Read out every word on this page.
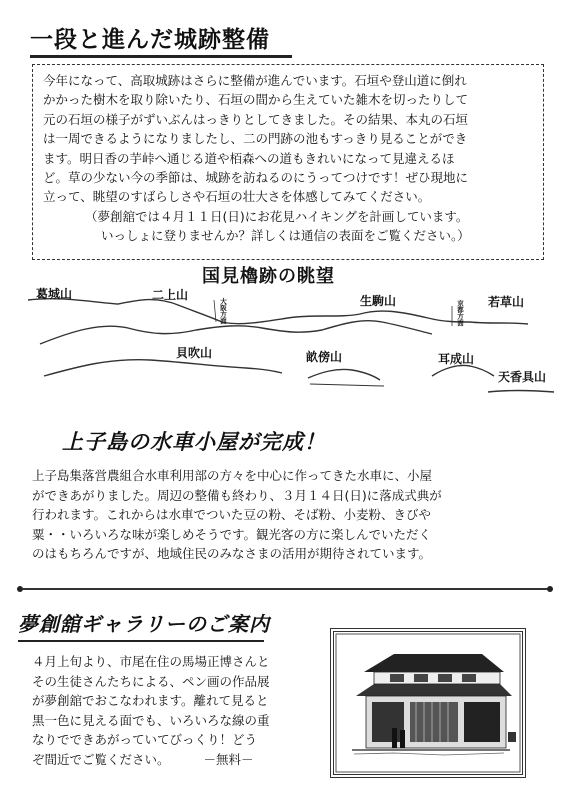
一段と進んだ城跡整備

今年になって、高取城跡はさらに整備が進んでいます。石垣や登山道に倒れ

かかった樹木を取り除いたり、石垣の間から生えていた雑木を切ったりして

元の石垣の様子がずいぶんはっきりとしてきました。その結果、本丸の石垣

は一周できるようになりましたし、二の門跡の池もすっきり見ることができ

ます。明日香の芋峠へ通じる道や栢森への道もきれいになって見違えるほ

ど。草の少ない今の季節は、城跡を訪ねるのにうってつけです！ぜひ現地に

立って、眺望のすばらしさや石垣の壮大さを体感してみてください。

（夢創舘では４月１１日(日)にお花見ハイキングを計画しています。

いっしょに登りませんか？詳しくは通信の表面をご覧ください。）

国見櫓跡の眺望
葛城山	二上山
大阪方面	生駒山	京都方面 若草山
貝吹山	畝傍山	耳成山
天香具山
上子島の水車小屋が完成！
上子島集落営農組合水車利用部の方々を中心に作ってきた水車に、小屋
ができあがりました。周辺の整備も終わり、３月１４日(日)に落成式典が
行われます。これからは水車でついた豆の粉、そば粉、小麦粉、きびや
粟・・いろいろな味が楽しめそうです。観光客の方に楽しんでいただく
のはもちろんですが、地域住民のみなさまの活用が期待されています。
夢創舘ギャラリーのご案内
４月上旬より、市尾在住の馬場正博さんと
その生徒さんたちによる、ペン画の作品展
が夢創舘でおこなわれます。離れて見ると
黒一色に見える面でも、いろいろな線の重
なりでできあがっていてびっくり！どう
ぞ間近でご覧ください。	－無料－
